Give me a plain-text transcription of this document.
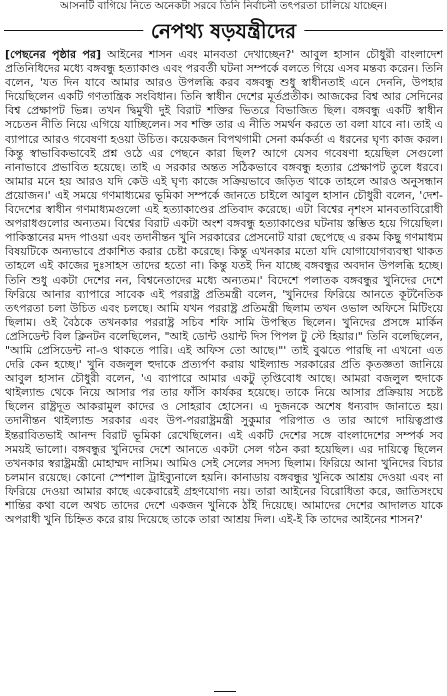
আসনটি বাগিয়ে নিতে অনেকটা সরবে তিনি নির্বাচনী তৎপরতা চালিয়ে যাচ্ছেন।
নেপথ্য ষড়যন্ত্রীদের

[পেছনের পৃষ্ঠার পর] আইনের শাসন এবং মানবতা দেখাচ্ছেন?' আবুল হাসান চৌধুরী বাংলাদেশ প্রতিনিধিদের মধ্যে বঙ্গবন্ধু হত্যাকাণ্ড এবং পরবর্তী ঘটনা সম্পর্কে বলতে গিয়ে এসব মন্তব্য করেন। তিনি বলেন, 'যত দিন যাবে আমার আরও উপলব্ধি করব বঙ্গবন্ধু শুধু স্বাধীনতাই এনে দেননি, উপহার দিয়েছিলেন একটি গণতান্ত্রিক সংবিধান। তিনি স্বাধীন দেশের মূর্তপ্রতীক। আজকের বিশ্ব আর সেদিনের বিশ্ব প্রেক্ষাপট ভিন্ন। তখন দ্বিমুখী দুই বিরাট শক্তির ভিতরে বিভাজিত ছিল। বঙ্গবন্ধু একটি স্বাধীন সচেতন নীতি নিয়ে এগিয়ে যাচ্ছিলেন। সব শক্তি তার এ নীতি সমর্থন করতে তা বলা যাবে না। তাই এ ব্যাপারে আরও গবেষণা হওয়া উচিত। কয়েকজন বিপথগামী সেনা কর্মকর্তা এ ধরনের ঘৃণ্য কাজ করল। কিন্তু স্বাভাবিকভাবেই প্রশ্ন ওঠে এর পেছনে কারা ছিল? আগে যেসব গবেষণা হয়েছিল সেগুলো নানাভাবে প্রভাবিত হয়েছে। তাই এ সরকার অন্তত সঠিকভাবে বঙ্গবন্ধু হত্যার প্রেক্ষাপট তুলে ধরবে। আমার মনে হয় আরও যদি কেউ এই ঘৃণ্য কাজে সক্রিয়ভাবে জড়িত থাকে তাহলে আরও অনুসন্ধান প্রয়োজন।' এই সময়ে গণমাধ্যমের ভূমিকা সম্পর্কে জানতে চাইলে আবুল হাসান চৌধুরী বলেন, 'দেশ-বিদেশের স্বাধীন গণমাধ্যমগুলো এই হত্যাকাণ্ডের প্রতিবাদ করেছে। এটা বিশ্বের নৃশংস মানবতাবিরোধী অপরাধগুলোর অন্যতম। বিশ্বের বিরাট একটা অংশ বঙ্গবন্ধু হত্যাকাণ্ডের ঘটনায় স্তম্ভিত হয়ে গিয়েছিল। পাকিস্তানের মদদ পাওয়া এবং তদানীন্তন খুনি সরকারের প্রেসনোট যারা ছেপেছে এ রকম কিছু গণমাধ্যম বিষয়টিকে অন্যভাবে প্রকাশিত করার চেষ্টা করেছে। কিন্তু এখনকার মতো যদি যোগাযোগব্যবস্থা থাকত তাহলে এই কাজের দুঃসাহস তাদের হতো না। কিন্তু যতই দিন যাচ্ছে বঙ্গবন্ধুর অবদান উপলব্ধি হচ্ছে। তিনি শুধু একটা দেশের নন, বিশ্বনেতাদের মধ্যে অন্যতম।' বিদেশে পলাতক বঙ্গবন্ধুর খুনিদের দেশে ফিরিয়ে আনার ব্যাপারে সাবেক এই পররাষ্ট্র প্রতিমন্ত্রী বলেন, 'খুনিদের ফিরিয়ে আনতে কূটনৈতিক তৎপরতা চলা উচিত এবং চলছে। আমি যখন পররাষ্ট্র প্রতিমন্ত্রী ছিলাম তখন ওভাল অফিসে মিটিংয়ে ছিলাম। ওই বৈঠকে তখনকার পররাষ্ট্র সচিব শফি সামি উপস্থিত ছিলেন। খুনিদের প্রসঙ্গে মার্কিন প্রেসিডেন্ট বিল ক্লিনটন বলেছিলেন, "আই ডোন্ট ওয়ান্ট দিস পিপল টু স্টে হিয়ার।" তিনি বলেছিলেন, "আমি প্রেসিডেন্ট না-ও থাকতে পারি। এই অফিস তো আছে।"' তাই বুঝতে পারছি না এখনো এত দেরি কেন হচ্ছে।' খুনি বজলুল হুদাকে প্রত্যর্পণ করায় থাইল্যান্ড সরকারের প্রতি কৃতজ্ঞতা জানিয়ে আবুল হাসান চৌধুরী বলেন, 'এ ব্যাপারে আমার একটু তৃপ্তিবোধ আছে। আমরা বজলুল হুদাকে থাইল্যান্ড থেকে নিয়ে আসার পর তার ফাঁসি কার্যকর হয়েছে। তাকে নিয়ে আসার প্রক্রিয়ায় সচেষ্ট ছিলেন রাষ্ট্রদূত আকরামুল কাদের ও সোহরাব হোসেন। এ দুজনকে অশেষ ধন্যবাদ জানাতে হয়। তদানীন্তন থাইল্যান্ড সরকার এবং উপ-পররাষ্ট্রমন্ত্রী সুকুমার পরিপাত ও তার আগে দায়িত্বপ্রাপ্ত ইন্তরাবিতভাই আনন্দ বিরাট ভূমিকা রেখেছিলেন। এই একটি দেশের সঙ্গে বাংলাদেশের সম্পর্ক সব সময়ই ভালো। বঙ্গবন্ধুর খুনিদের দেশে আনতে একটা সেল গঠন করা হয়েছিল। এর দায়িত্বে ছিলেন তখনকার স্বরাষ্ট্রমন্ত্রী মোহাম্মদ নাসিম। আমিও সেই সেলের সদস্য ছিলাম। ফিরিয়ে আনা খুনিদের বিচার চলমান রয়েছে। কোনো স্পেশাল ট্রাইব্যুনালে হয়নি। কানাডায় বঙ্গবন্ধুর খুনিকে আশ্রয় দেওয়া এবং না ফিরিয়ে দেওয়া আমার কাছে একেবারেই গ্রহণযোগ্য নয়। তারা আইনের বিরোধিতা করে, জাতিসংঘে শান্তির কথা বলে অথচ তাদের দেশে একজন খুনিকে ঠাঁই দিয়েছে। আমাদের দেশের আদালত যাকে অপরাধী খুনি চিহ্নিত করে রায় দিয়েছে তাকে তারা আশ্রয় দিল। এই-ই কি তাদের আইনের শাসন?'
